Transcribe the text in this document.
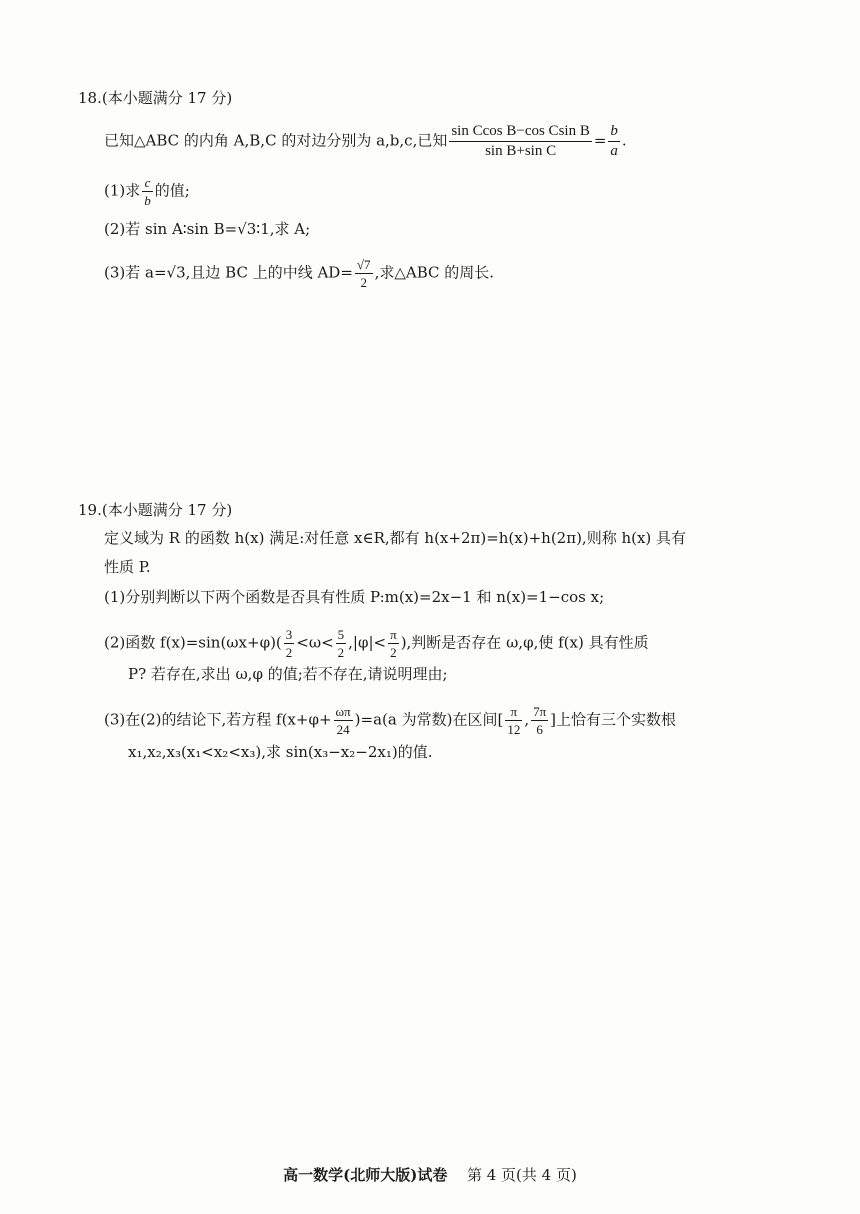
18.(本小题满分 17 分)
已知△ABC 的内角 A,B,C 的对边分别为 a,b,c,已知 $\frac{\text{sin Ccos B−cos Csin B}}{\text{sin B+sin C}} = \frac{b}{a}$ .
(1)求 $\frac{c}{b}$ 的值;
(2)若 sin A∶sin B=√3∶1,求 A;
(3)若 a=√3,且边 BC 上的中线 $AD= \frac{√7}{2}$ ,求△ABC 的周长.
19.(本小题满分 17 分)
定义域为 R 的函数 h(x) 满足:对任意 x∈R,都有 h(x+2π)=h(x)+h(2π),则称 h(x) 具有
性质 P.
(1)分别判断以下两个函数是否具有性质 P:m(x)=2x−1 和 n(x)=1−cos x;
(2)函数 $f(x)=\sin(\omega x+\varphi)( \frac{3}{2} <\omega< \frac{5}{2} ,|\varphi|< \frac{\pi}{2}$ ),判断是否存在 ω,φ,使 f(x) 具有性质
P? 若存在,求出 ω,φ 的值;若不存在,请说明理由;
(3)在(2)的结论下,若方程 $f(x+\varphi+ \frac{\omega\pi}{24} )=a(a$ 为常数)在区间[ $\frac{\pi}{12}$ , $\frac{7\pi}{6}$ ]上恰有三个实数根
x₁,x₂,x₃(x₁<x₂<x₃),求 sin(x₃−x₂−2x₁)的值.
高一数学(北师大版)试卷 第 4 页(共 4 页)
